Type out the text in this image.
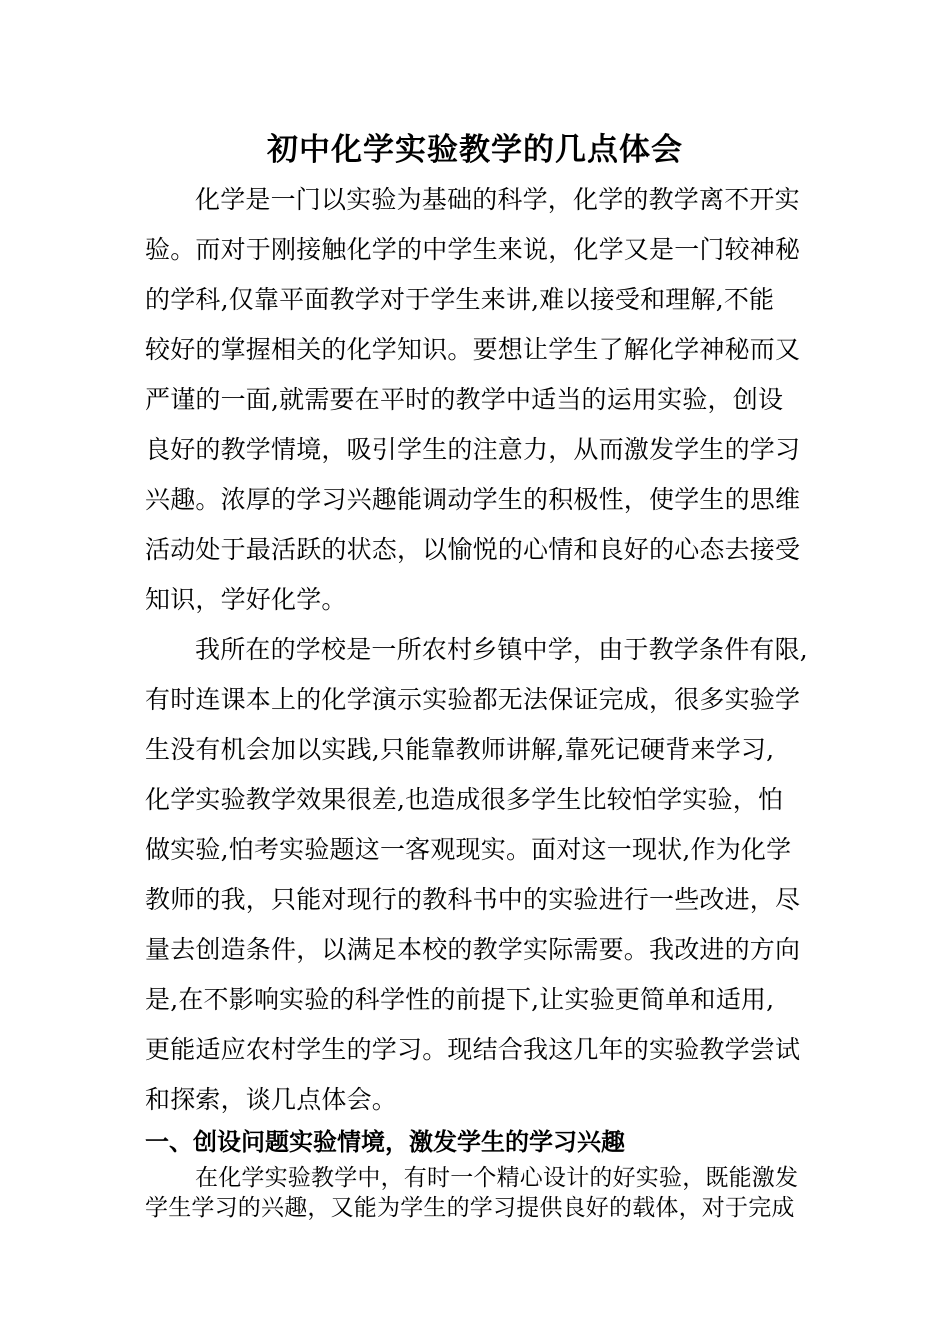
初中化学实验教学的几点体会
化学是一门以实验为基础的科学，化学的教学离不开实
验。而对于刚接触化学的中学生来说，化学又是一门较神秘
的学科,仅靠平面教学对于学生来讲,难以接受和理解,不能
较好的掌握相关的化学知识。要想让学生了解化学神秘而又
严谨的一面,就需要在平时的教学中适当的运用实验，创设
良好的教学情境，吸引学生的注意力，从而激发学生的学习
兴趣。浓厚的学习兴趣能调动学生的积极性，使学生的思维
活动处于最活跃的状态，以愉悦的心情和良好的心态去接受
知识，学好化学。
我所在的学校是一所农村乡镇中学，由于教学条件有限,
有时连课本上的化学演示实验都无法保证完成，很多实验学
生没有机会加以实践,只能靠教师讲解,靠死记硬背来学习,
化学实验教学效果很差,也造成很多学生比较怕学实验，怕
做实验,怕考实验题这一客观现实。面对这一现状,作为化学
教师的我，只能对现行的教科书中的实验进行一些改进，尽
量去创造条件，以满足本校的教学实际需要。我改进的方向
是,在不影响实验的科学性的前提下,让实验更简单和适用,
更能适应农村学生的学习。现结合我这几年的实验教学尝试
和探索，谈几点体会。
一、创设问题实验情境，激发学生的学习兴趣
在化学实验教学中，有时一个精心设计的好实验，既能激发
学生学习的兴趣，又能为学生的学习提供良好的载体，对于完成
